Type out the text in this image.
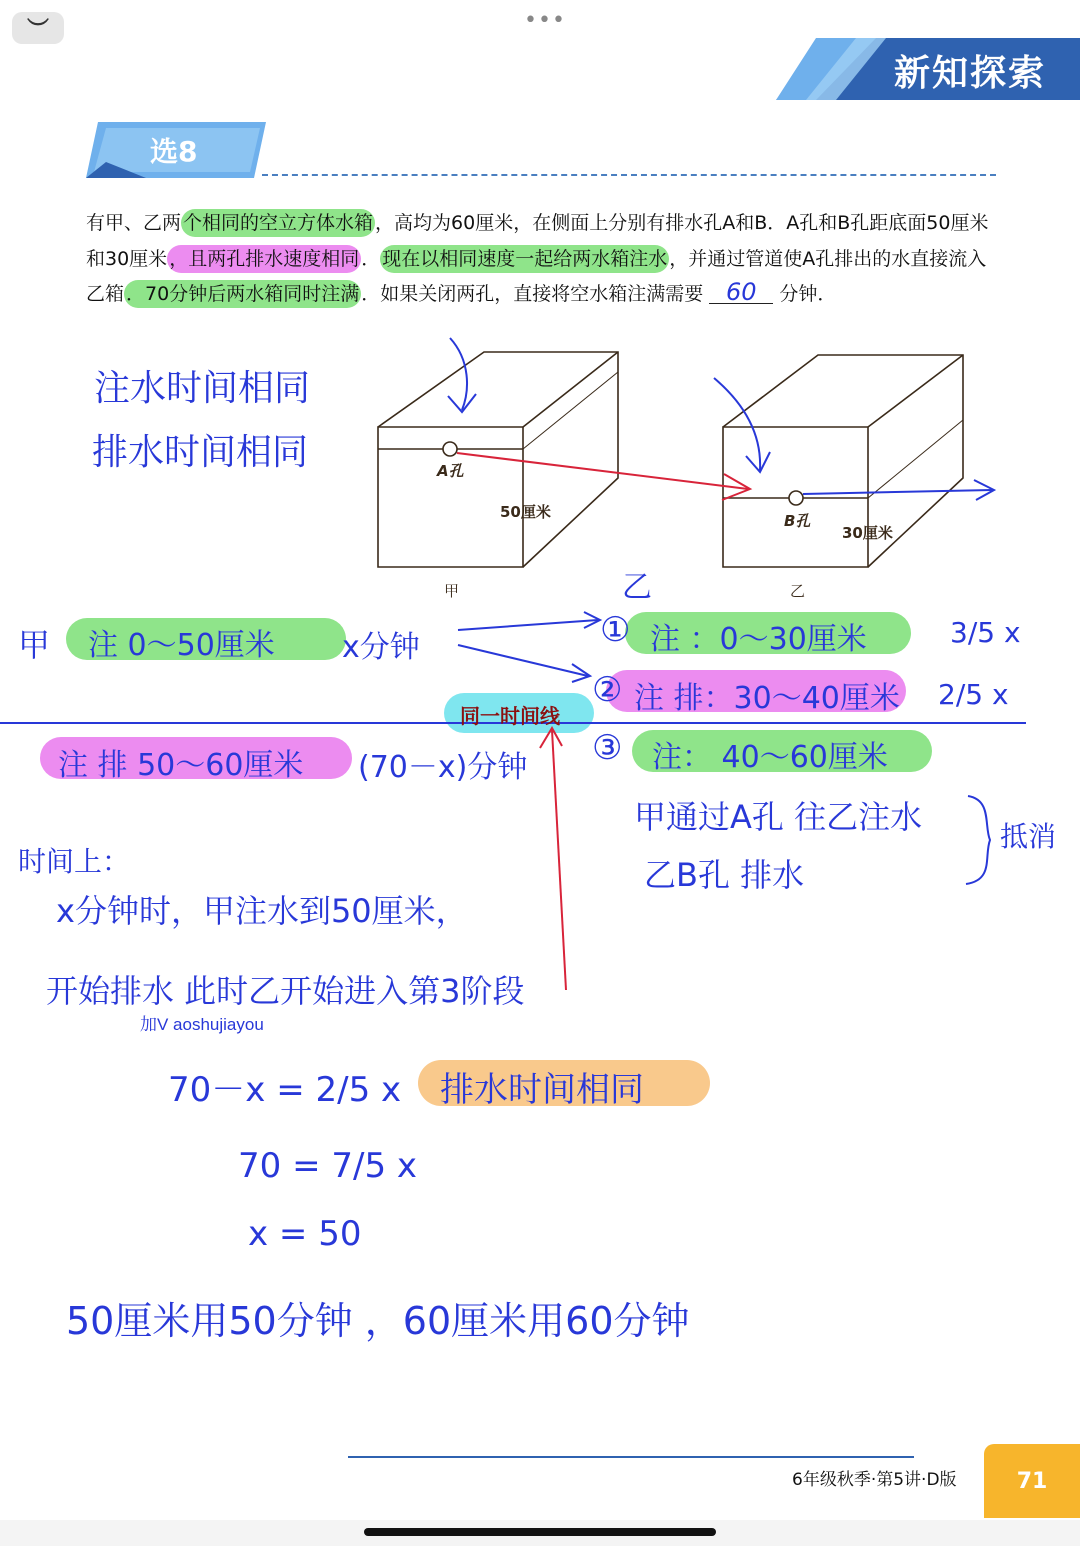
•••
︶
新知探索
选8
有甲、乙两 个相同的空立方体水箱 ，高均为60厘米，在侧面上分别有排水孔A和B．A孔和B孔距底面50厘米和30厘米 ，且两孔排水速度相同 ． 现在以相同速度一起给两水箱注水 ，并通过管道使A孔排出的水直接流入乙箱 ．70分钟后两水箱同时注满 ．如果关闭两孔，直接将空水箱注满需要 60 分钟．
A孔
50厘米
甲
B孔
30厘米
乙
注水时间相同
排水时间相同
乙
甲 注 0～50厘米 x分钟	① 注 ：0～30厘米	3/5 x
② 注 排：30～40厘米 2/5 x
同一时间线
注 排 50～60厘米 (70－x)分钟 ③ 注： 40～60厘米
甲通过A孔 往乙注水
乙B孔 排水
抵消
时间上：
x分钟时，甲注水到50厘米，
开始排水 此时乙开始进入第3阶段
加V aoshujiayou
70－x = 2/5 x 排水时间相同
70 = 7/5 x
x = 50
50厘米用50分钟 ，60厘米用60分钟
6年级秋季·第5讲·D版	71
